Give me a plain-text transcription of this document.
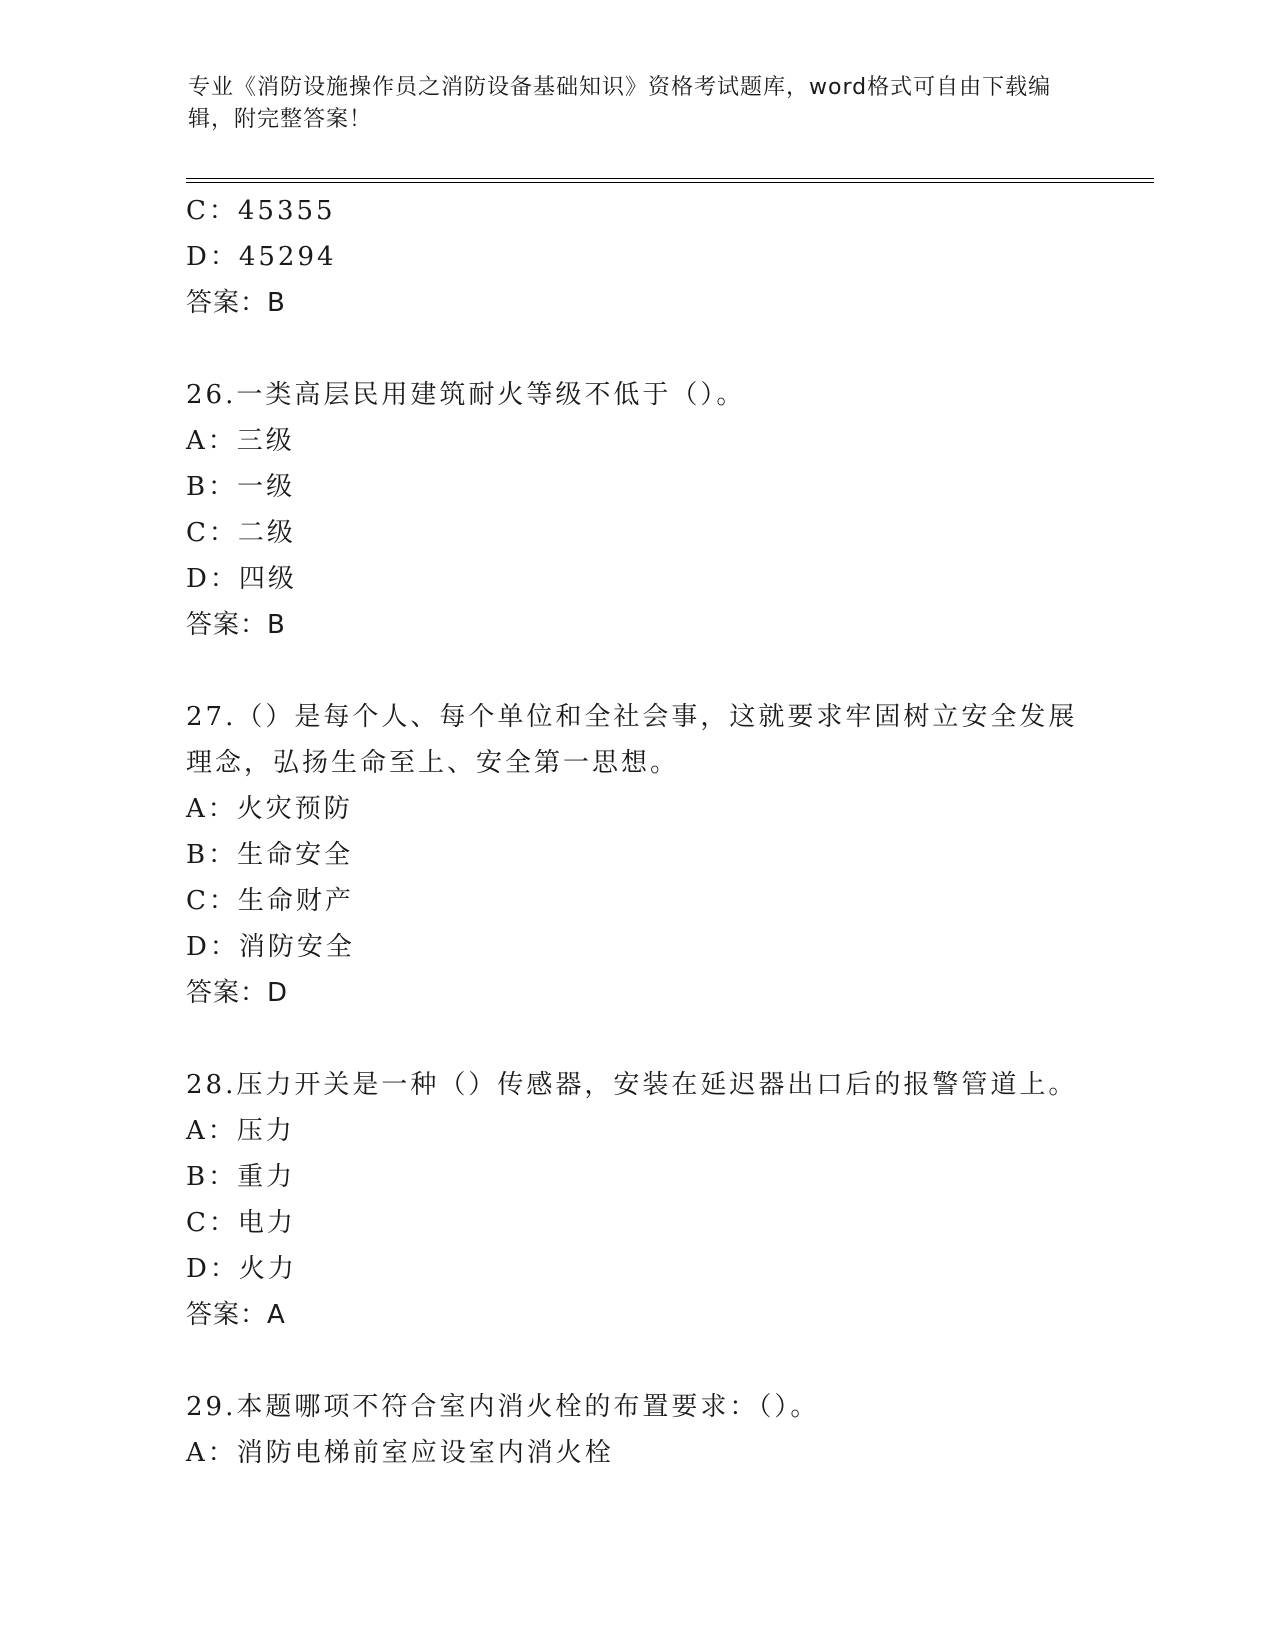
专业《消防设施操作员之消防设备基础知识》资格考试题库，word格式可自由下载编辑，附完整答案！
C：45355
D：45294
答案：B
26.一类高层民用建筑耐火等级不低于（）。
A：三级
B：一级
C：二级
D：四级
答案：B
27.（）是每个人、每个单位和全社会事，这就要求牢固树立安全发展
理念，弘扬生命至上、安全第一思想。
A：火灾预防
B：生命安全
C：生命财产
D：消防安全
答案：D
28.压力开关是一种（）传感器，安装在延迟器出口后的报警管道上。
A：压力
B：重力
C：电力
D：火力
答案：A
29.本题哪项不符合室内消火栓的布置要求：（）。
A：消防电梯前室应设室内消火栓
